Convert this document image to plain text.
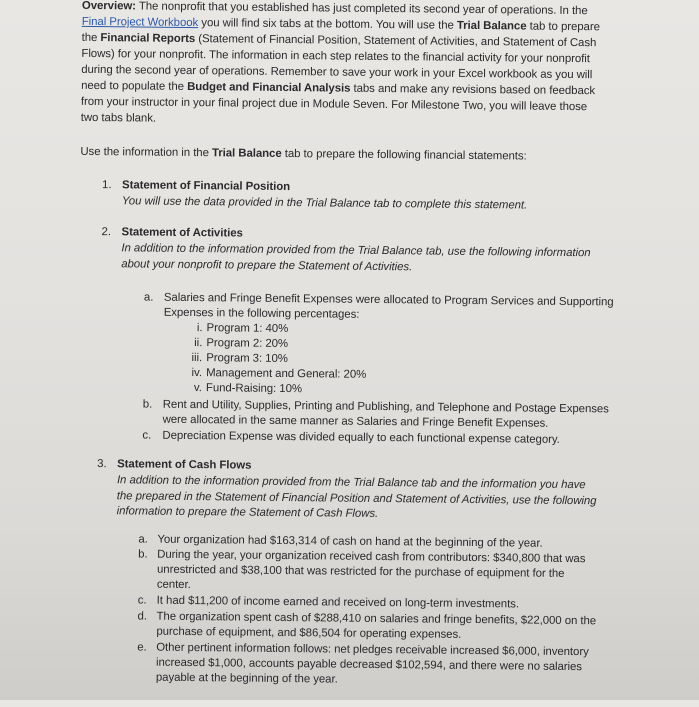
Overview: The nonprofit that you established has just completed its second year of operations. In the
Final Project Workbook you will find six tabs at the bottom. You will use the Trial Balance tab to prepare
the Financial Reports (Statement of Financial Position, Statement of Activities, and Statement of Cash
Flows) for your nonprofit. The information in each step relates to the financial activity for your nonprofit
during the second year of operations. Remember to save your work in your Excel workbook as you will
need to populate the Budget and Financial Analysis tabs and make any revisions based on feedback
from your instructor in your final project due in Module Seven. For Milestone Two, you will leave those
two tabs blank.
Use the information in the Trial Balance tab to prepare the following financial statements:
1. Statement of Financial Position
You will use the data provided in the Trial Balance tab to complete this statement.
2. Statement of Activities
In addition to the information provided from the Trial Balance tab, use the following information
about your nonprofit to prepare the Statement of Activities.
a. Salaries and Fringe Benefit Expenses were allocated to Program Services and Supporting
Expenses in the following percentages:
i. Program 1: 40%
ii. Program 2: 20%
iii. Program 3: 10%
iv. Management and General: 20%
v. Fund-Raising: 10%
b. Rent and Utility, Supplies, Printing and Publishing, and Telephone and Postage Expenses
were allocated in the same manner as Salaries and Fringe Benefit Expenses.
c. Depreciation Expense was divided equally to each functional expense category.
3. Statement of Cash Flows
In addition to the information provided from the Trial Balance tab and the information you have
the prepared in the Statement of Financial Position and Statement of Activities, use the following
information to prepare the Statement of Cash Flows.
a. Your organization had $163,314 of cash on hand at the beginning of the year.
b. During the year, your organization received cash from contributors: $340,800 that was
unrestricted and $38,100 that was restricted for the purchase of equipment for the
center.
c. It had $11,200 of income earned and received on long-term investments.
d. The organization spent cash of $288,410 on salaries and fringe benefits, $22,000 on the
purchase of equipment, and $86,504 for operating expenses.
e. Other pertinent information follows: net pledges receivable increased $6,000, inventory
increased $1,000, accounts payable decreased $102,594, and there were no salaries
payable at the beginning of the year.
